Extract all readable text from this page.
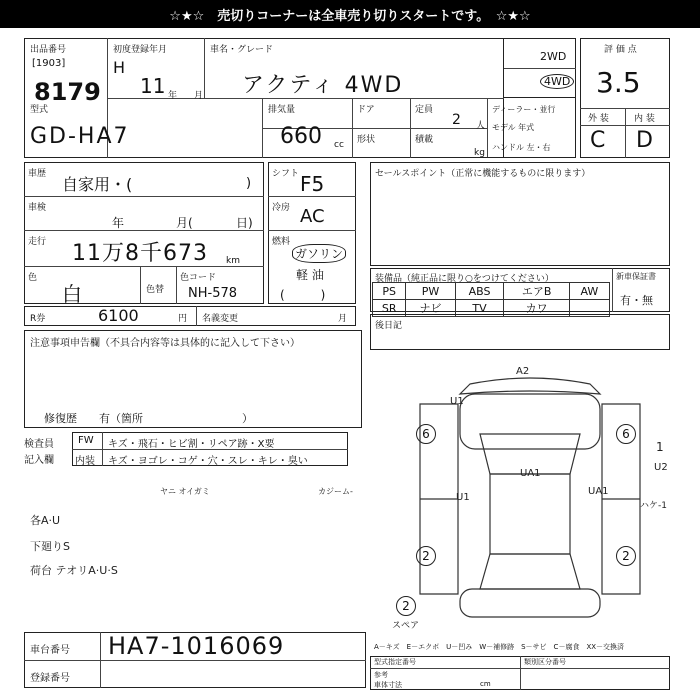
☆★☆　売切りコーナーは全車売り切りスタートです。　☆★☆
出品番号
[1903]
8179
初度登録年月
H
11 年 月
車名・グレード
アクティ 4WD
2WD
4WD
型式
GD-HA7
排気量
660 cc
ドア
形状
定員
2 人
積載
kg
ディーラー・並行
モデル 年式
ハンドル 左・右
評 価 点
3.5
外 装	内 装
C D
車歴
自家用・(	)
車検
年	月(	日)
走行 11万8千673 km
色
白	色替
色コード
NH-578
シフト F5
冷房 AC
燃料
ガソリン
軽 油
(　　　)
R券	6100	円 名義変更	月
セールスポイント（正常に機能するものに限ります）
装備品（純正品に限り○をつけてください）	新車保証書
有・無
PS	PW	ABS	エアB	AW
SR	ナビ	TV	カワ	
後日記
注意事項申告欄（不具合内容等は具体的に記入して下さい）
修復歴　　有（箇所　　　　　　　　　）
検査員
記入欄
FW キズ・飛石・ヒビ割・リペア跡・X要
内装 キズ・ヨゴレ・コゲ・穴・スレ・キレ・臭い
ヤニ オイガミ	カジーム-
各A·U
下廻りS
荷台 テオリA·U·S
A2
U1
UA1
U1
UA1
ハケ-1
1
U2
6	6
2	2
2
スペア
A－キズ　E－エクボ　U－凹み　W－補修跡　S－サビ　C－腐食　XX－交換済
車台番号 HA7-1016069
登録番号
型式指定番号	類別区分番号
参考
車体寸法	cm
